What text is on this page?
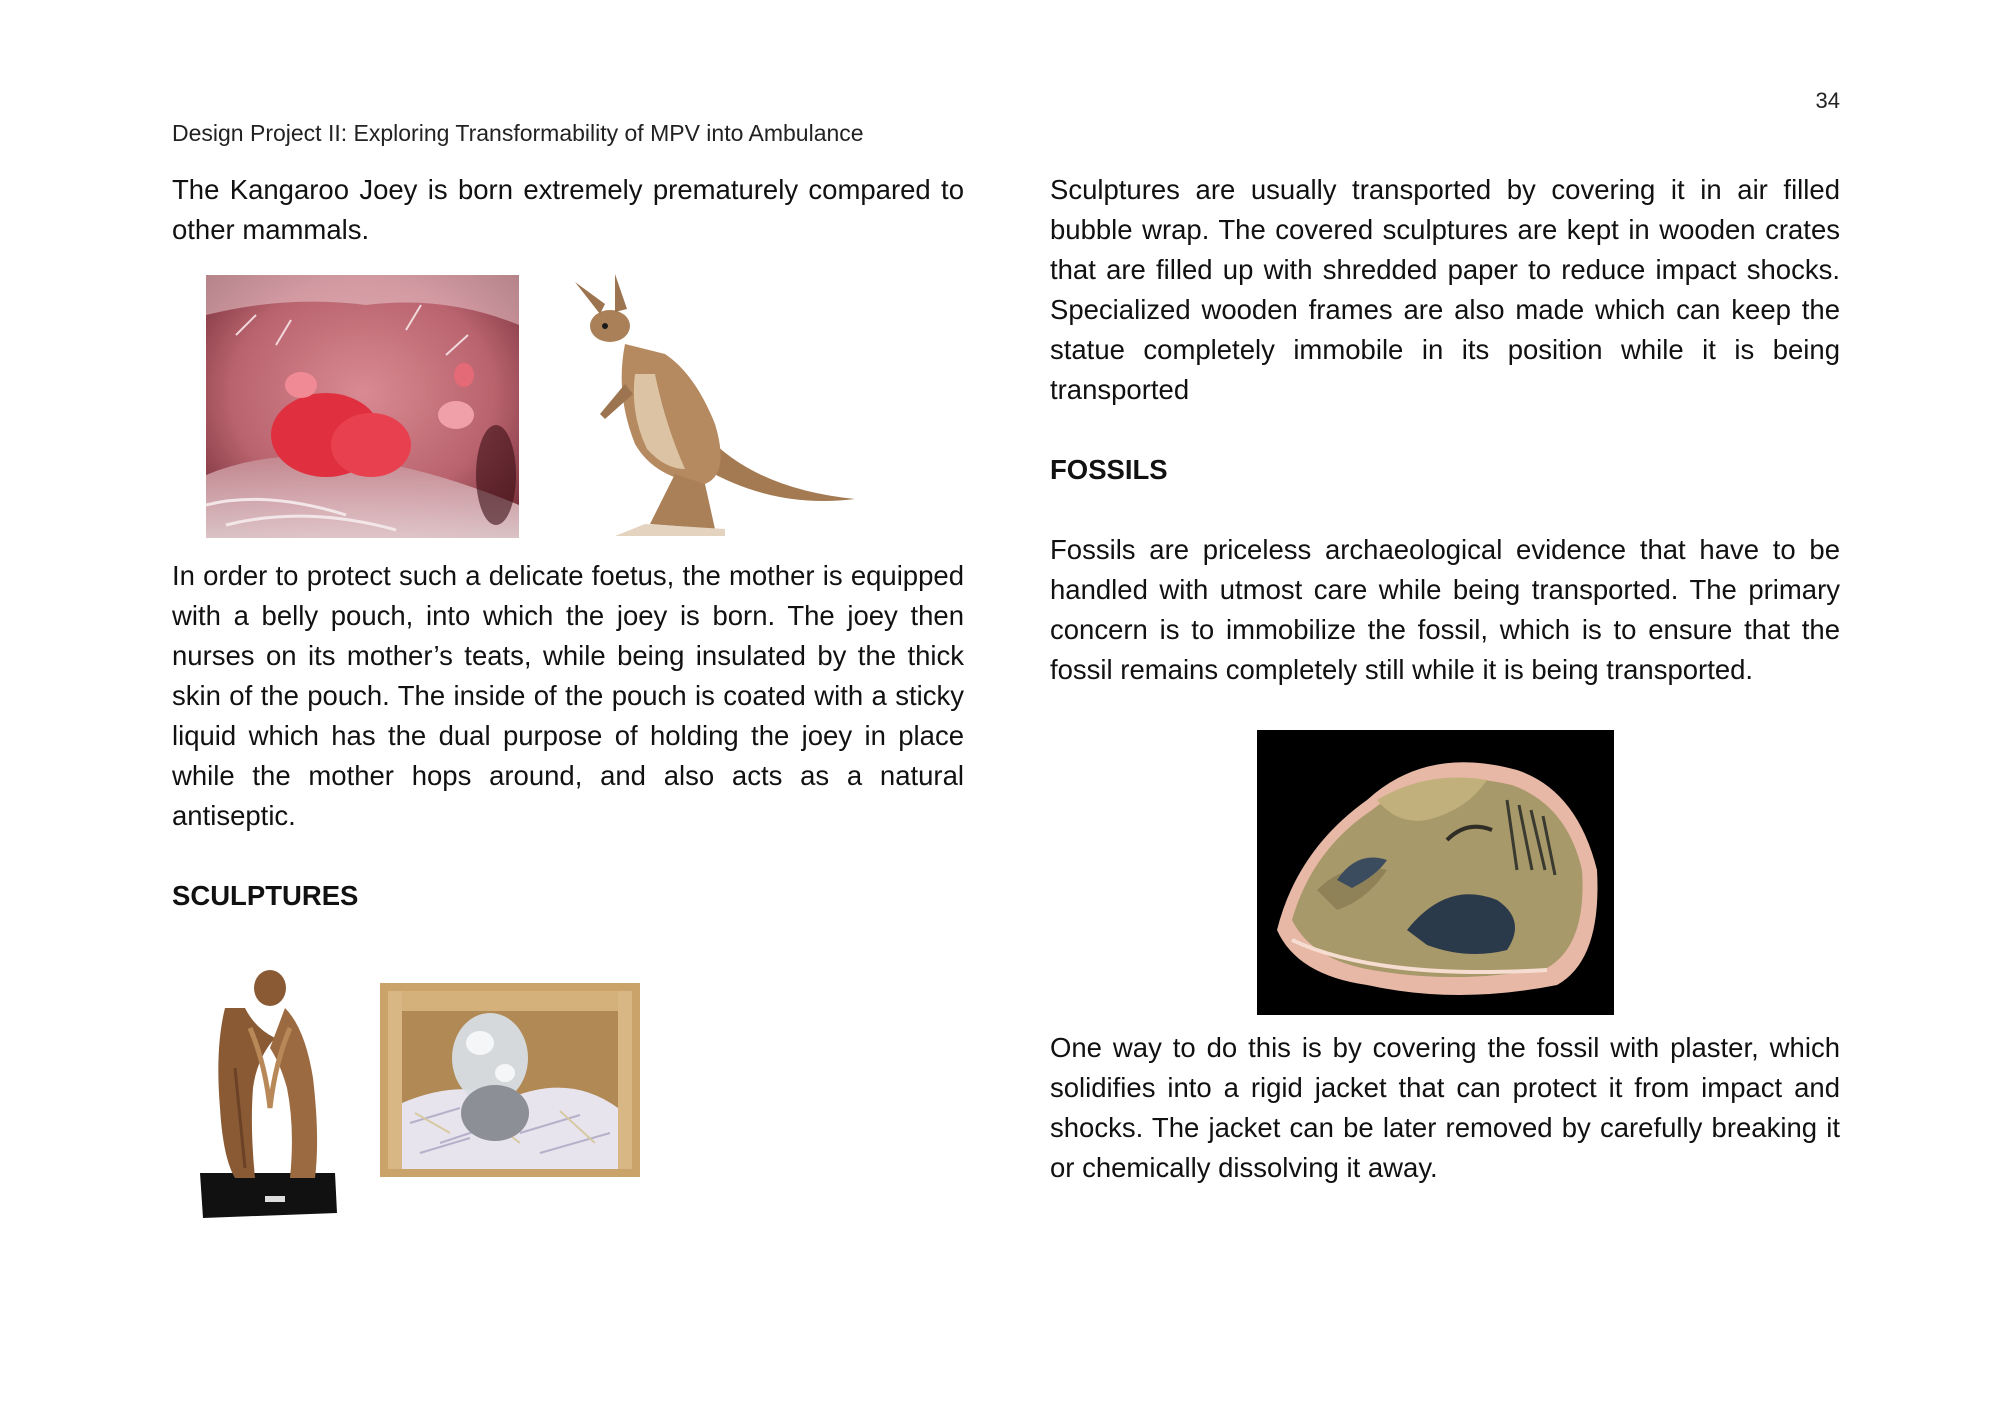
34
Design Project II: Exploring Transformability of MPV into Ambulance

The Kangaroo Joey is born extremely prematurely compared to other mammals.

In order to protect such a delicate foetus, the mother is equipped with a belly pouch, into which the joey is born. The joey then nurses on its mother’s teats, while being insulated by the thick skin of the pouch. The inside of the pouch is coated with a sticky liquid which has the dual purpose of holding the joey in place while the mother hops around, and also acts as a natural antiseptic.

SCULPTURES

Sculptures are usually transported by covering it in air filled bubble wrap. The covered sculptures are kept in wooden crates that are filled up with shredded paper to reduce impact shocks. Specialized wooden frames are also made which can keep the statue completely immobile in its position while it is being transported

FOSSILS

Fossils are priceless archaeological evidence that have to be handled with utmost care while being transported. The primary concern is to immobilize the fossil, which is to ensure that the fossil remains completely still while it is being transported.

One way to do this is by covering the fossil with plaster, which solidifies into a rigid jacket that can protect it from impact and shocks. The jacket can be later removed by carefully breaking it or chemically dissolving it away.
